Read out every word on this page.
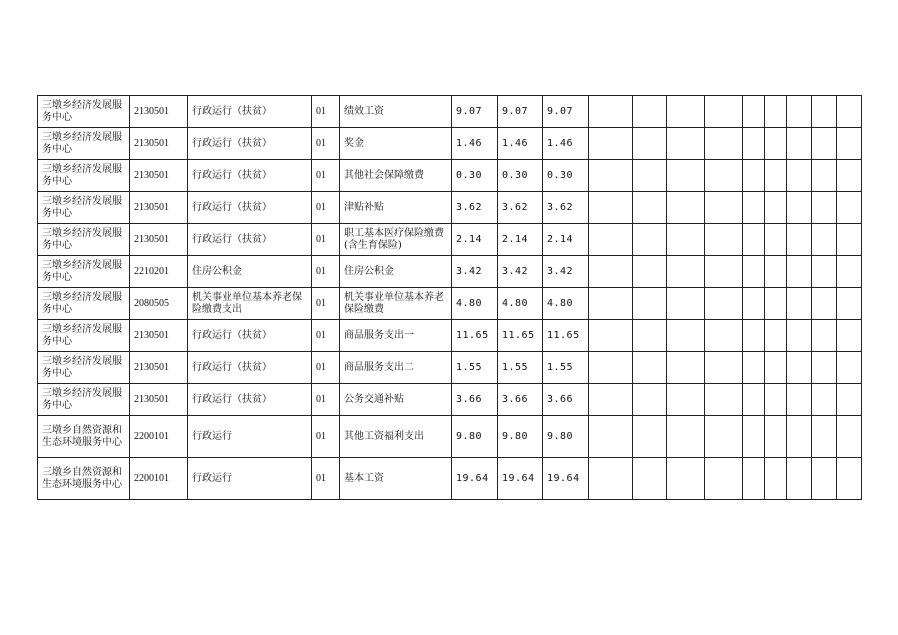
三墩乡经济发展服务中心	2130501	行政运行（扶贫）	01	绩效工资	9.07	9.07	9.07									
三墩乡经济发展服务中心	2130501	行政运行（扶贫）	01	奖金	1.46	1.46	1.46									
三墩乡经济发展服务中心	2130501	行政运行（扶贫）	01	其他社会保障缴费	0.30	0.30	0.30									
三墩乡经济发展服务中心	2130501	行政运行（扶贫）	01	津贴补贴	3.62	3.62	3.62									
三墩乡经济发展服务中心	2130501	行政运行（扶贫）	01	职工基本医疗保险缴费(含生育保险)	2.14	2.14	2.14									
三墩乡经济发展服务中心	2210201	住房公积金	01	住房公积金	3.42	3.42	3.42									
三墩乡经济发展服务中心	2080505	机关事业单位基本养老保险缴费支出	01	机关事业单位基本养老保险缴费	4.80	4.80	4.80									
三墩乡经济发展服务中心	2130501	行政运行（扶贫）	01	商品服务支出一	11.65	11.65	11.65									
三墩乡经济发展服务中心	2130501	行政运行（扶贫）	01	商品服务支出二	1.55	1.55	1.55									
三墩乡经济发展服务中心	2130501	行政运行（扶贫）	01	公务交通补贴	3.66	3.66	3.66									
三墩乡自然资源和生态环境服务中心	2200101	行政运行	01	其他工资福利支出	9.80	9.80	9.80									
三墩乡自然资源和生态环境服务中心	2200101	行政运行	01	基本工资	19.64	19.64	19.64									
